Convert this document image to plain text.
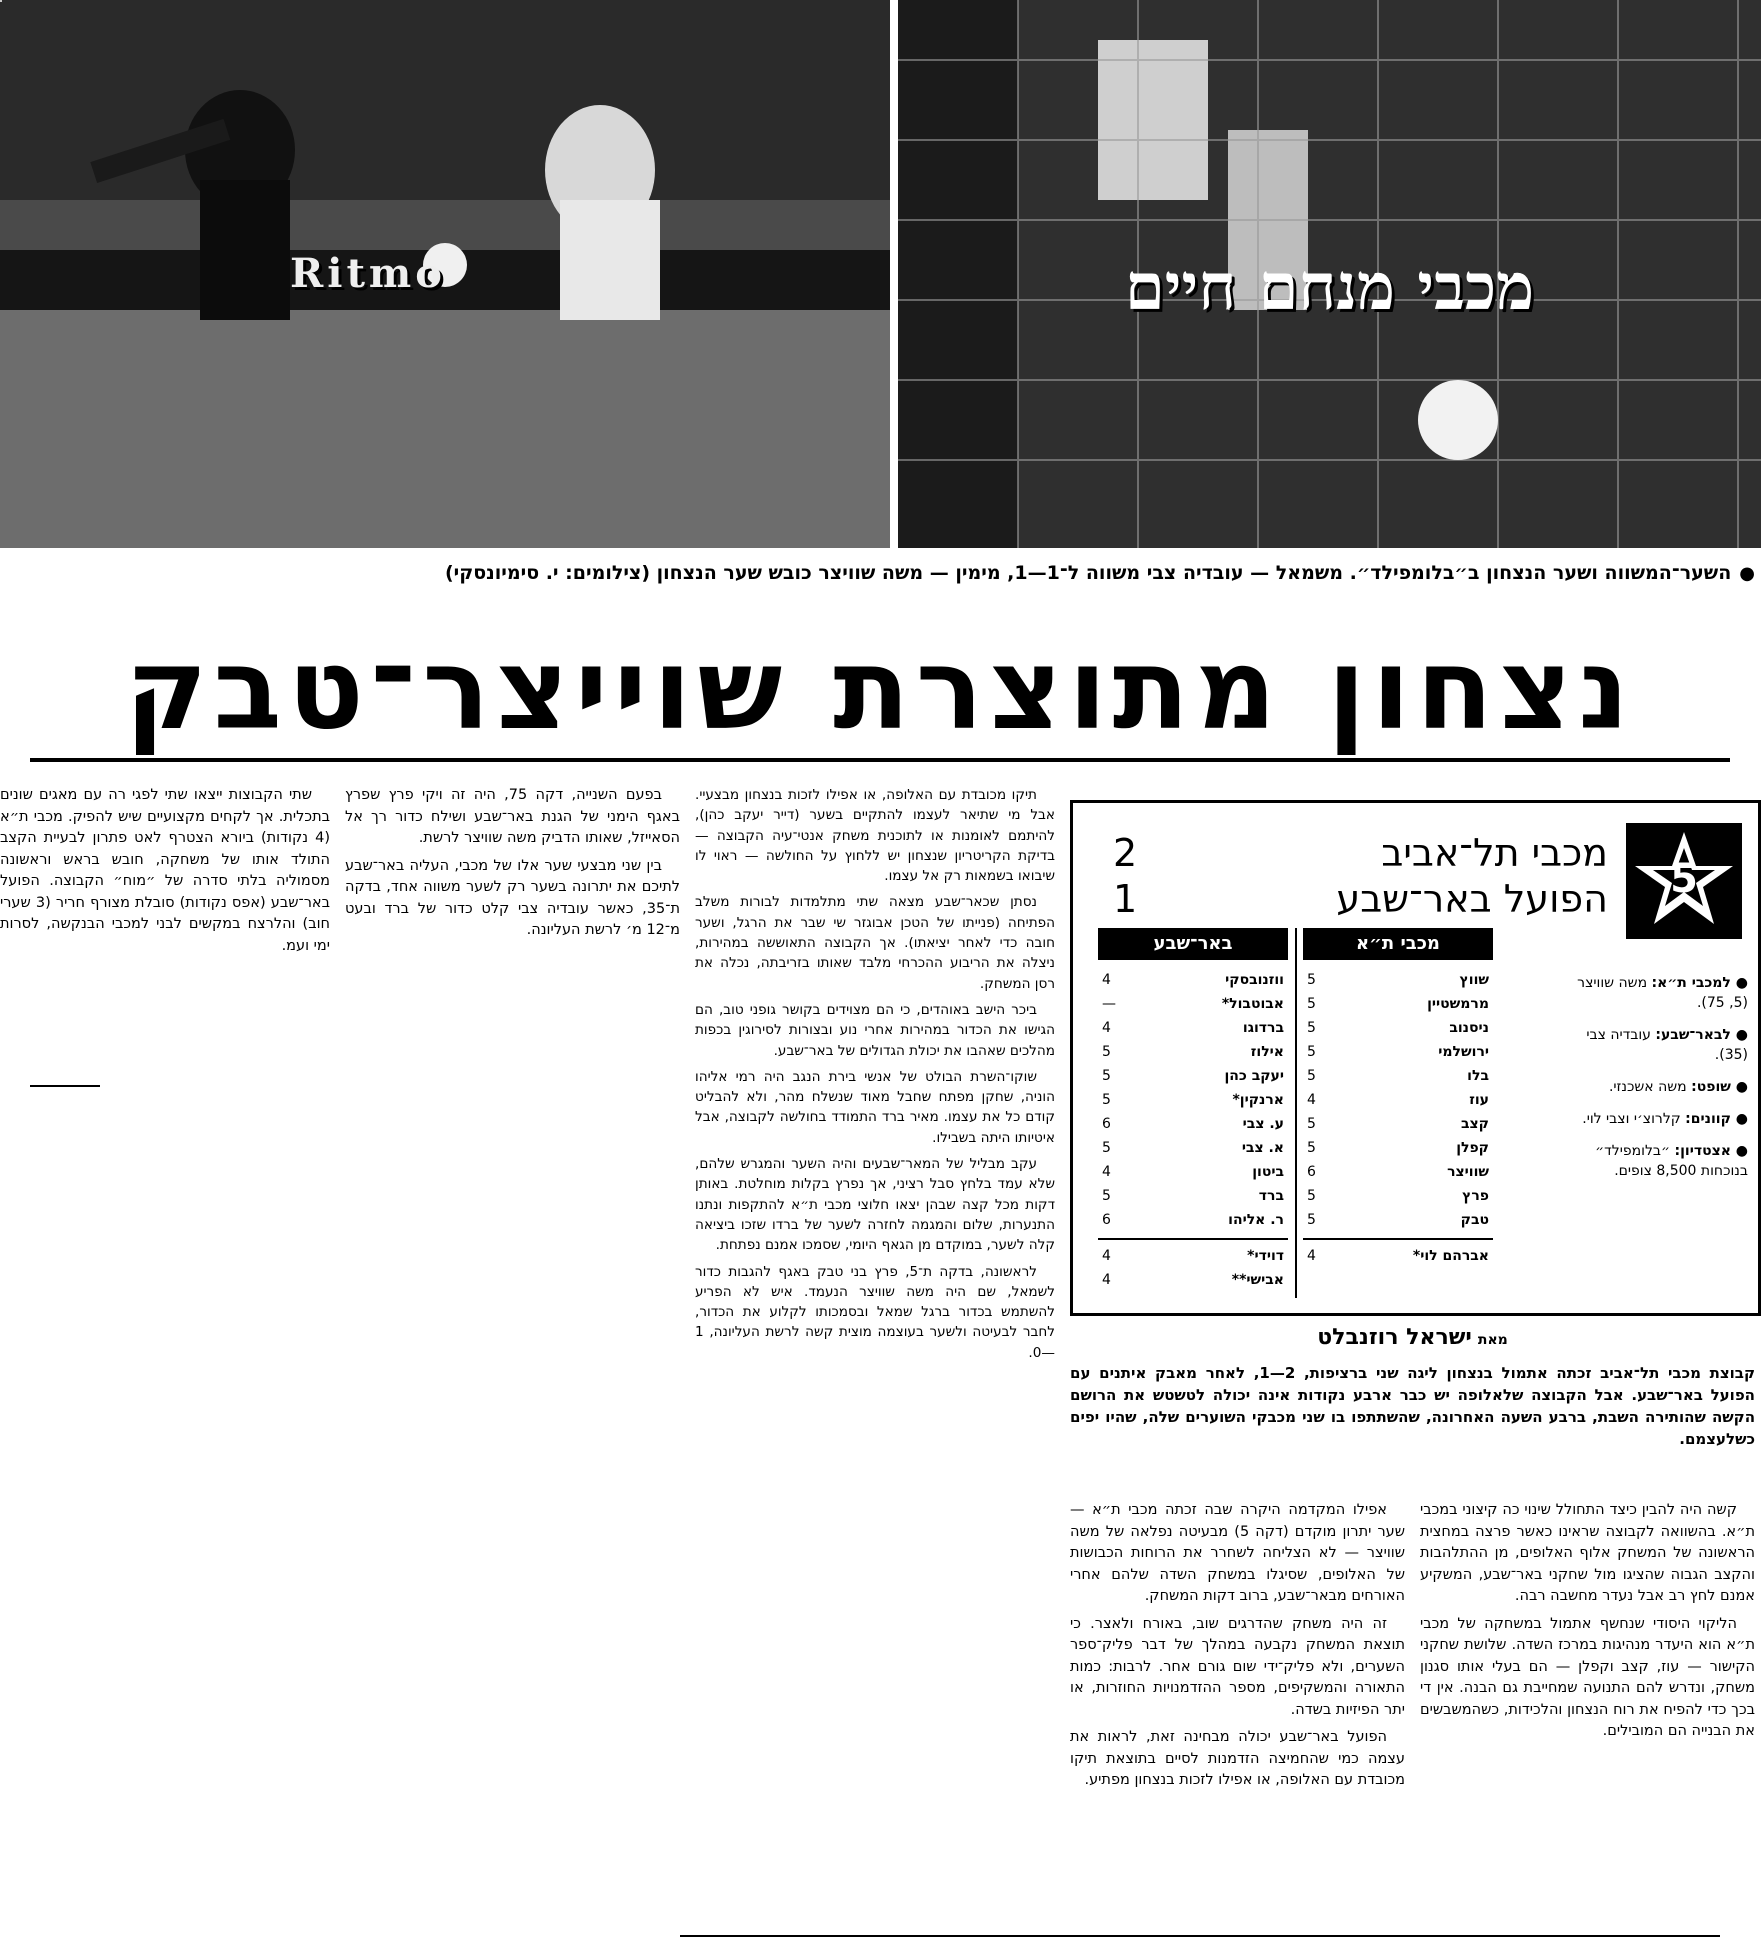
Ritmo	מכבי מנחם חיים
●השער־המשווה ושער הנצחון ב״בלומפילד״. משמאל — עובדיה צבי משווה ל־1—1, מימין — משה שוויצר כובש שער הנצחון (צילומים: י. סימיונסקי)
נצחון מתוצרת שוייצר־טבק
5
מכבי תל־אביב
2
הפועל באר־שבע
1
מכבי ת״א
שווץ
5
מרמשטיין
5
ניסנוב
5
ירושלמי
5
בלו
5
עוז
4
קצב
5
קפלן
5
שוויצר
6
פרץ
5
טבק
5
אברהם לוי*
4
באר־שבע
ווזנובסקי
4
אבוטבול*
—
ברדוגו
4
אילוז
5
יעקב כהן
5
ארנקין*
5
ע. צבי
6
א. צבי
5
ביטון
4
ברד
5
ר. אליהו
6
דוידי*
4
אבישי**
4
● למכבי ת״א: משה שוויצר (5, 75).
● לבאר־שבע: עובדיה צבי (35).
● שופט: משה אשכנזי.
● קוונים: קלרוצ׳י וצבי לוי.
● אצטדיון: ״בלומפילד״ בנוכחות 8,500 צופים.
מאתישראל רוזנבלט
קבוצת מכבי תל־אביב זכתה אתמול בנצחון ליגה שני ברציפות, 2—1, לאחר מאבק איתנים עם הפועל באר־שבע. אבל הקבוצה שלאלופה יש כבר ארבע נקודות אינה יכולה לטשטש את הרושם הקשה שהותירה השבת, ברבע השעה האחרונה, שהשתתפו בו שני מכבקי השוערים שלה, שהיו יפים כשלעצמם.

קשה היה להבין כיצד התחולל שינוי כה קיצוני במכבי ת״א. בהשוואה לקבוצה שראינו כאשר פרצה במחצית הראשונה של המשחק אלוף האלופים, מן ההתלהבות והקצב הגבוה שהציגו מול שחקני באר־שבע, המשקיע אמנם לחץ רב אבל נעדר מחשבה רבה.

הליקוי היסודי שנחשף אתמול במשחקה של מכבי ת״א הוא היעדר מנהיגות במרכז השדה. שלושת שחקני הקישור — עוז, קצב וקפלן — הם בעלי אותו סגנון משחק, ונדרש להם התנועה שמחייבת גם הבנה. אין די בכך כדי להפיח את רוח הנצחון והלכידות, כשהמשבשים את הבנייה הם המובילים.

אפילו המקדמה היקרה שבה זכתה מכבי ת״א — שער יתרון מוקדם (דקה 5) מבעיטה נפלאה של משה שוויצר — לא הצליחה לשחרר את הרוחות הכבושות של האלופים, שסיגלו במשחק השדה שלהם אחרי האורחים מבאר־שבע, ברוב דקות המשחק.

זה היה משחק שהדרגים שוב, באורח ולאצר. כי תוצאת המשחק נקבעה במהלך של דבר פליק־ספר השערים, ולא פליק־ידי שום גורם אחר. לרבות: כמות התאורה והמשקיפים, מספר ההזדמנויות החוזרות, או יתר הפיזיות בשדה.

הפועל באר־שבע יכולה מבחינה זאת, לראות את עצמה כמי שהחמיצה הזדמנות לסיים בתוצאת תיקו מכובדת עם האלופה, או אפילו לזכות בנצחון מפתיע.

תיקו מכובדת עם האלופה, או אפילו לזכות בנצחון מבצעיי. אבל מי שתיאר לעצמו להתקיים בשער (דייר יעקב כהן), להיתמם לאומנות או לתוכנית משחק אנטי־עיה הקבוצה — בדיקת הקריטריון שנצחון יש ללחוץ על החולשה — ראוי לו שיבואו בשמאות רק אל עצמו.

נסתן שכאר־שבע מצאה שתי מתלמדות לבורות משלב הפתיחה (פנייתו של הטכן אבוגזר שי שבר את הרגל, ושער חובה כדי לאחר יציאתו). אך הקבוצה התאוששה במהירות, ניצלה את הריבוע ההכרחי מלבד שאותו בזריבתה, נכלה את רסן המשחק.

ביכר הישב באוהדים, כי הם מצוידים בקושר גופני טוב, הם הגישו את הכדור במהירות אחרי נוע ובצורות לסירוגין בכפות מהלכים שאהבו את יכולת הגדולים של באר־שבע.

שוקו־השרת הבולט של אנשי בירת הנגב היה רמי אליהו הוניה, שחקן מפתח שחבל מאוד שנשלח מהר, ולא להבליט קודם כל את עצמו. מאיר ברד התמודד בחולשה לקבוצה, אבל איטיותו היתה בשבילו.

עקב מבליל של המאר־שבעים והיה השער והמגרש שלהם, שלא עמד בלחץ סבל רציני, אך נפרץ בקלות מוחלטת. באותן דקות מכל קצה שבהן יצאו חלוצי מכבי ת״א להתקפות ונתנו התנערות, שלום והמגמה לחזרה לשער של ברדו שזכו ביציאה קלה לשער, במוקדם מן הגאף היומי, שסמכו אמנם נפתחת.

לראשונה, בדקה ת־5, פרץ בני טבק באגף להגבות כדור לשמאל, שם היה משה שוויצר הנעמד. איש לא הפריע להשתמש בכדור ברגל שמאל ובסמכותו לקלוע את הכדור, לחבר לבעיטה ולשער בעוצמה מוצית קשה לרשת העליונה, 1—0.

בפעם השנייה, דקה 75, היה זה ויקי פרץ שפרץ באגף הימני של הגנת באר־שבע ושילח כדור רך אל הסאייזל, שאותו הדביק משה שוויצר לרשת.

בין שני מבצעי שער אלו של מכבי, העליה באר־שבע לתיכם את יתרונה בשער רק לשער משווה אחד, בדקה ת־35, כאשר עובדיה צבי קלט כדור של ברד ובעט מ־12 מ׳ לרשת העליונה.

שתי הקבוצות ייצאו שתי לפגי רה עם מאגים שונים בתכלית. אך לקחים מקצועיים שיש להפיק. מכבי ת״א (4 נקודות) ביורא הצטרף לאט פתרון לבעיית הקצב התולד אותו של משחקה, חובש בראש וראשונה מסמוליה בלתי סדרה של ״מוח״ הקבוצה. הפועל באר־שבע (אפס נקודות) סובלת מצורף חריר (3 שערי חוב) והלרצח במקשים לבני למכבי הבנקשה, לסרות ימי ועמ.
